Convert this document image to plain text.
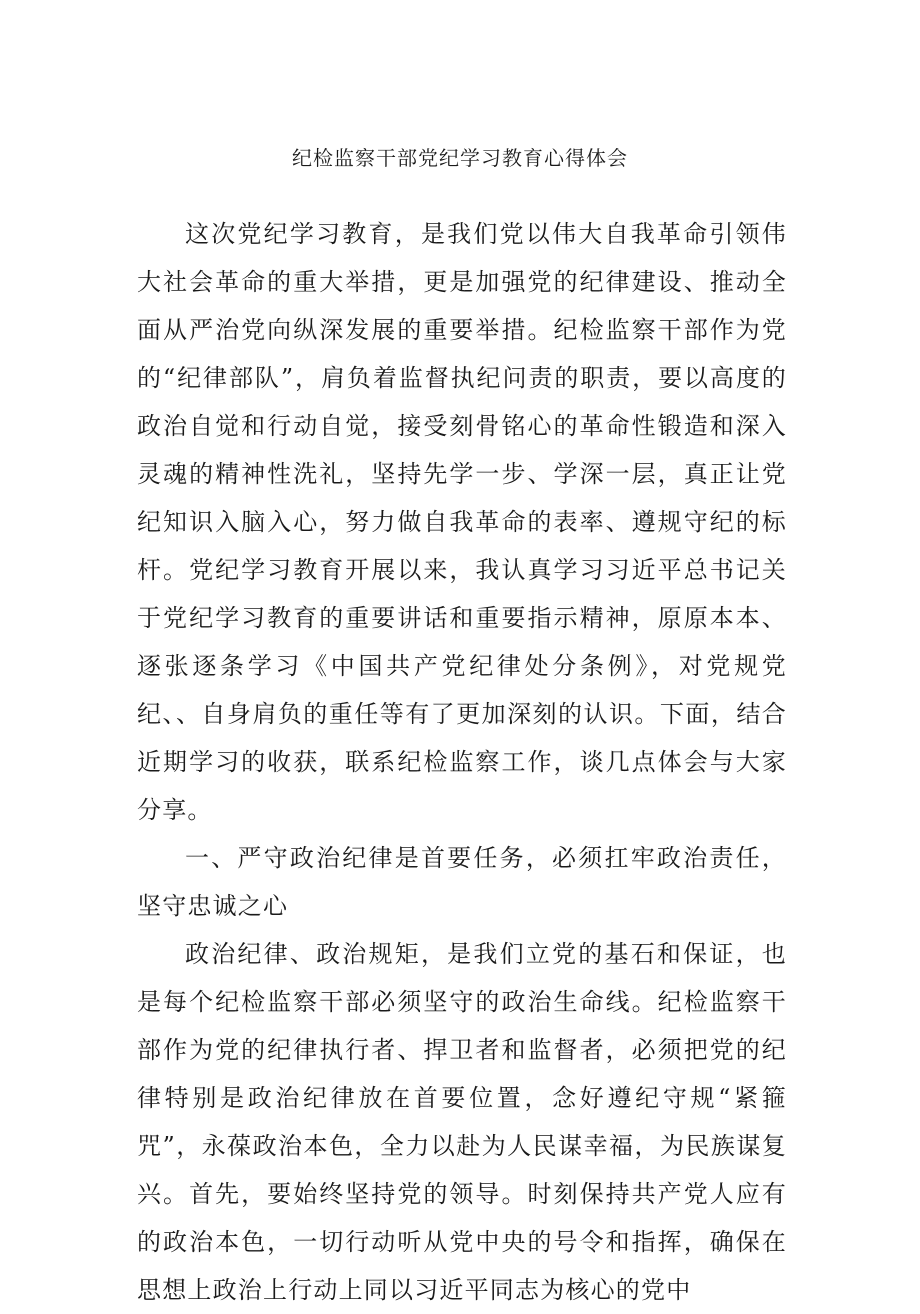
纪检监察干部党纪学习教育心得体会

这次党纪学习教育，是我们党以伟大自我革命引领伟大社会革命的重大举措，更是加强党的纪律建设、推动全面从严治党向纵深发展的重要举措。纪检监察干部作为党的“纪律部队”，肩负着监督执纪问责的职责，要以高度的政治自觉和行动自觉，接受刻骨铭心的革命性锻造和深入灵魂的精神性洗礼，坚持先学一步、学深一层，真正让党纪知识入脑入心，努力做自我革命的表率、遵规守纪的标杆。党纪学习教育开展以来，我认真学习习近平总书记关于党纪学习教育的重要讲话和重要指示精神，原原本本、逐张逐条学习《中国共产党纪律处分条例》，对党规党纪、、自身肩负的重任等有了更加深刻的认识。下面，结合近期学习的收获，联系纪检监察工作，谈几点体会与大家分享。

一、严守政治纪律是首要任务，必须扛牢政治责任，坚守忠诚之心

政治纪律、政治规矩，是我们立党的基石和保证，也是每个纪检监察干部必须坚守的政治生命线。纪检监察干部作为党的纪律执行者、捍卫者和监督者，必须把党的纪律特别是政治纪律放在首要位置，念好遵纪守规“紧箍咒”，永葆政治本色，全力以赴为人民谋幸福，为民族谋复兴。首先，要始终坚持党的领导。时刻保持共产党人应有的政治本色，一切行动听从党中央的号令和指挥，确保在思想上政治上行动上同以习近平同志为核心的党中
